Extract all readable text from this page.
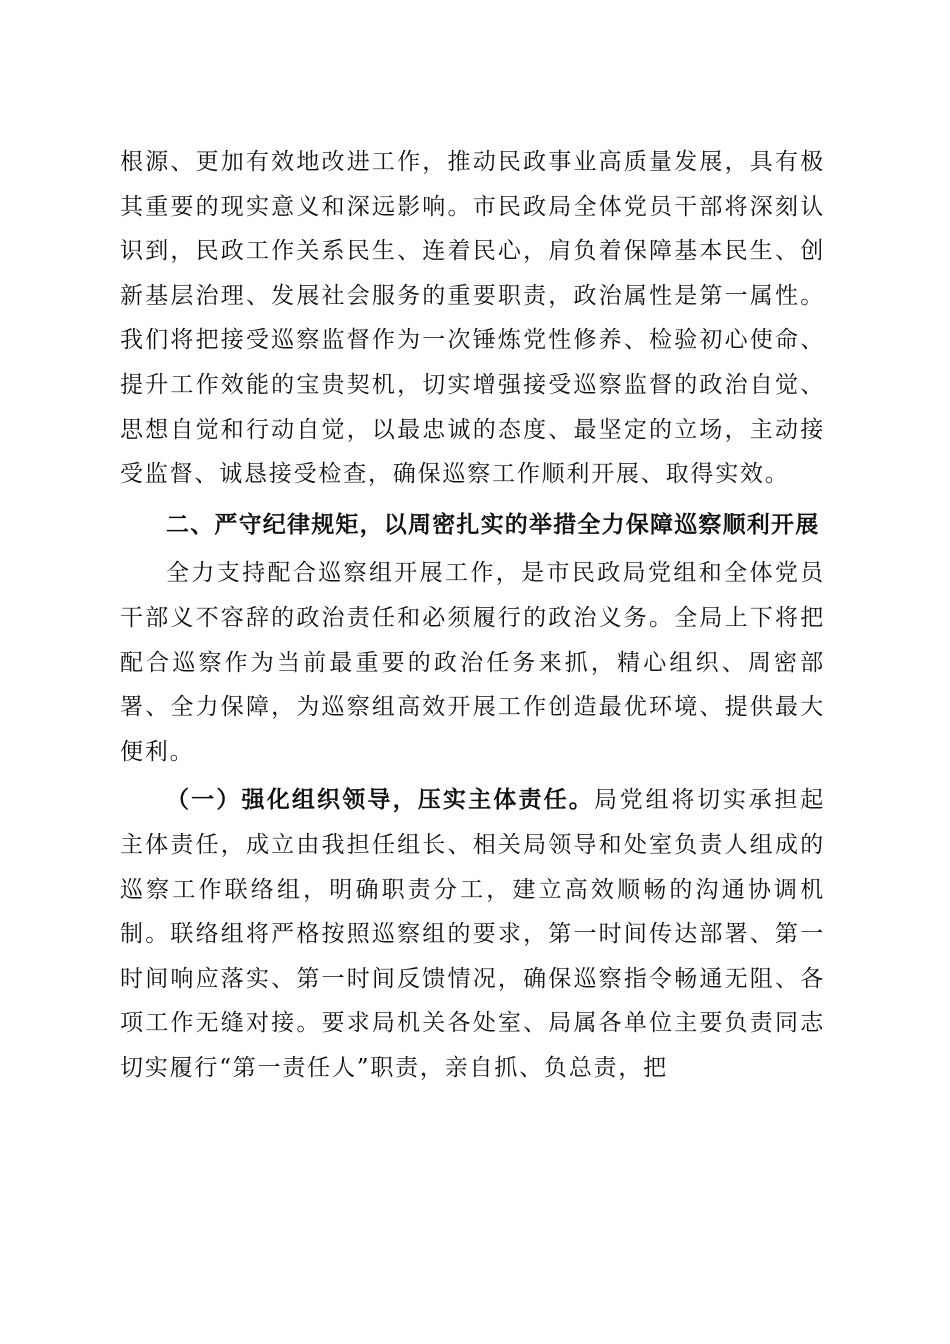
根源、更加有效地改进工作，推动民政事业高质量发展，具有极其重要的现实意义和深远影响。市民政局全体党员干部将深刻认识到，民政工作关系民生、连着民心，肩负着保障基本民生、创新基层治理、发展社会服务的重要职责，政治属性是第一属性。我们将把接受巡察监督作为一次锤炼党性修养、检验初心使命、提升工作效能的宝贵契机，切实增强接受巡察监督的政治自觉、思想自觉和行动自觉，以最忠诚的态度、最坚定的立场，主动接受监督、诚恳接受检查，确保巡察工作顺利开展、取得实效。

二、严守纪律规矩，以周密扎实的举措全力保障巡察顺利开展

全力支持配合巡察组开展工作，是市民政局党组和全体党员干部义不容辞的政治责任和必须履行的政治义务。全局上下将把配合巡察作为当前最重要的政治任务来抓，精心组织、周密部署、全力保障，为巡察组高效开展工作创造最优环境、提供最大便利。

（一）强化组织领导，压实主体责任。局党组将切实承担起主体责任，成立由我担任组长、相关局领导和处室负责人组成的巡察工作联络组，明确职责分工，建立高效顺畅的沟通协调机制。联络组将严格按照巡察组的要求，第一时间传达部署、第一时间响应落实、第一时间反馈情况，确保巡察指令畅通无阻、各项工作无缝对接。要求局机关各处室、局属各单位主要负责同志切实履行“第一责任人”职责，亲自抓、负总责，把
